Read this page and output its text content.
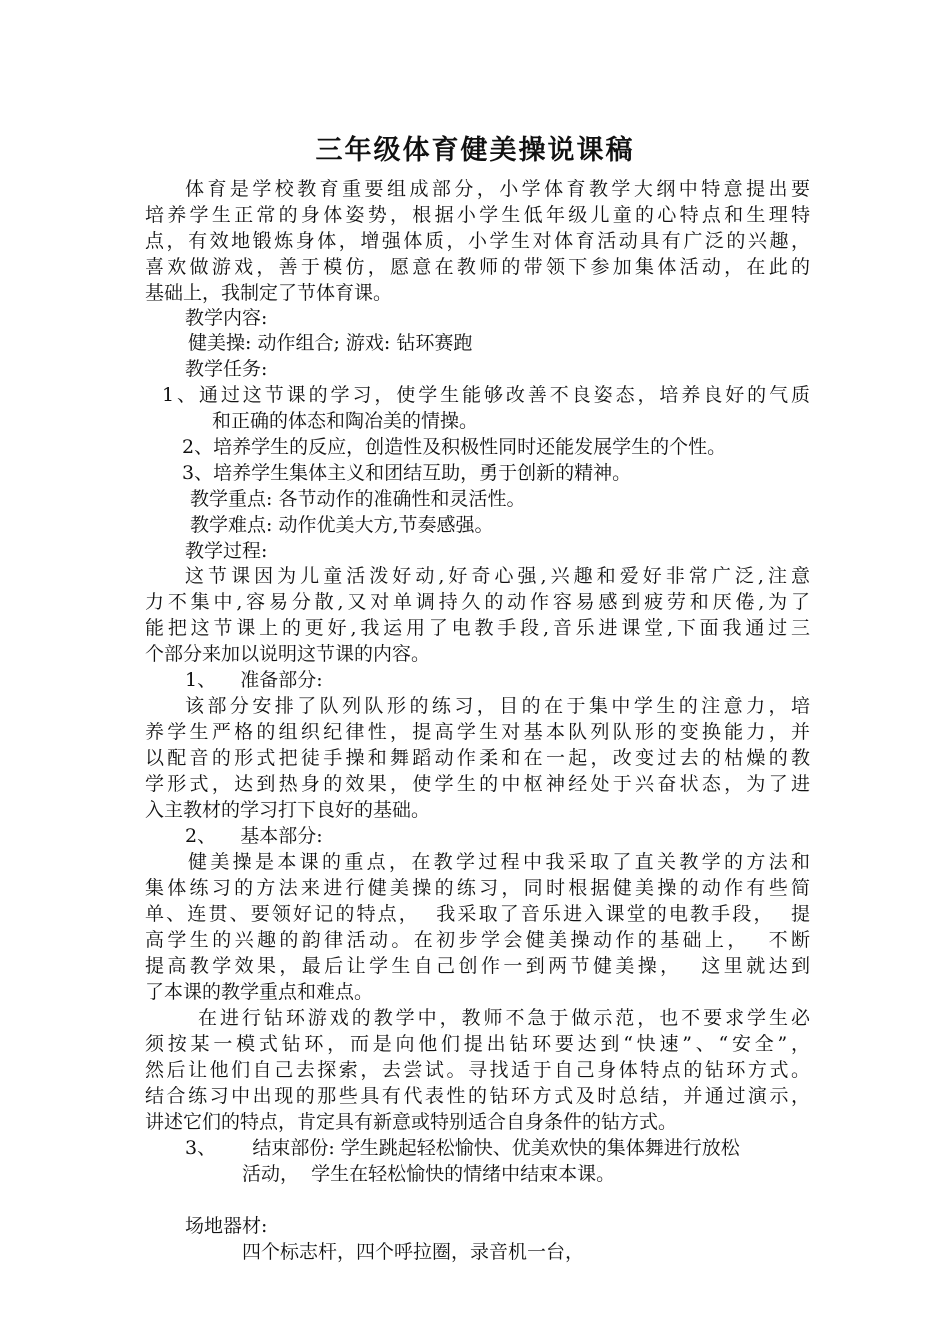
三年级体育健美操说课稿
体育是学校教育重要组成部分，小学体育教学大纲中特意提出要
培养学生正常的身体姿势，根据小学生低年级儿童的心特点和生理特
点，有效地锻炼身体，增强体质，小学生对体育活动具有广泛的兴趣，
喜欢做游戏，善于模仿，愿意在教师的带领下参加集体活动，在此的
基础上，我制定了节体育课。
教学内容:
健美操: 动作组合; 游戏: 钻环赛跑
教学任务:
1、通过这节课的学习，使学生能够改善不良姿态，培养良好的气质
和正确的体态和陶冶美的情操。
2、培养学生的反应，创造性及积极性同时还能发展学生的个性。
3、培养学生集体主义和团结互助，勇于创新的精神。
教学重点: 各节动作的准确性和灵活性。
教学难点: 动作优美大方,节奏感强。
教学过程:
这节课因为儿童活泼好动,好奇心强,兴趣和爱好非常广泛,注意
力不集中,容易分散,又对单调持久的动作容易感到疲劳和厌倦,为了
能把这节课上的更好,我运用了电教手段,音乐进课堂,下面我通过三
个部分来加以说明这节课的内容。
1、    准备部分:
该部分安排了队列队形的练习，目的在于集中学生的注意力，培
养学生严格的组织纪律性，提高学生对基本队列队形的变换能力，并
以配音的形式把徒手操和舞蹈动作柔和在一起，改变过去的枯燥的教
学形式，达到热身的效果，使学生的中枢神经处于兴奋状态，为了进
入主教材的学习打下良好的基础。
2、    基本部分:
健美操是本课的重点，在教学过程中我采取了直关教学的方法和
集体练习的方法来进行健美操的练习，同时根据健美操的动作有些简
单、连贯、要领好记的特点，  我采取了音乐进入课堂的电教手段，  提
高学生的兴趣的韵律活动。在初步学会健美操动作的基础上，  不断
提高教学效果，最后让学生自己创作一到两节健美操，  这里就达到
了本课的教学重点和难点。
在进行钻环游戏的教学中，教师不急于做示范，也不要求学生必
须按某一模式钻环，而是向他们提出钻环要达到“快速”、“安全”，
然后让他们自己去探索，去尝试。寻找适于自己身体特点的钻环方式。
结合练习中出现的那些具有代表性的钻环方式及时总结，并通过演示，
讲述它们的特点，肯定具有新意或特别适合自身条件的钻方式。
3、      结束部份: 学生跳起轻松愉快、优美欢快的集体舞进行放松
活动，  学生在轻松愉快的情绪中结束本课。
场地器材:
四个标志杆，四个呼拉圈，录音机一台，
